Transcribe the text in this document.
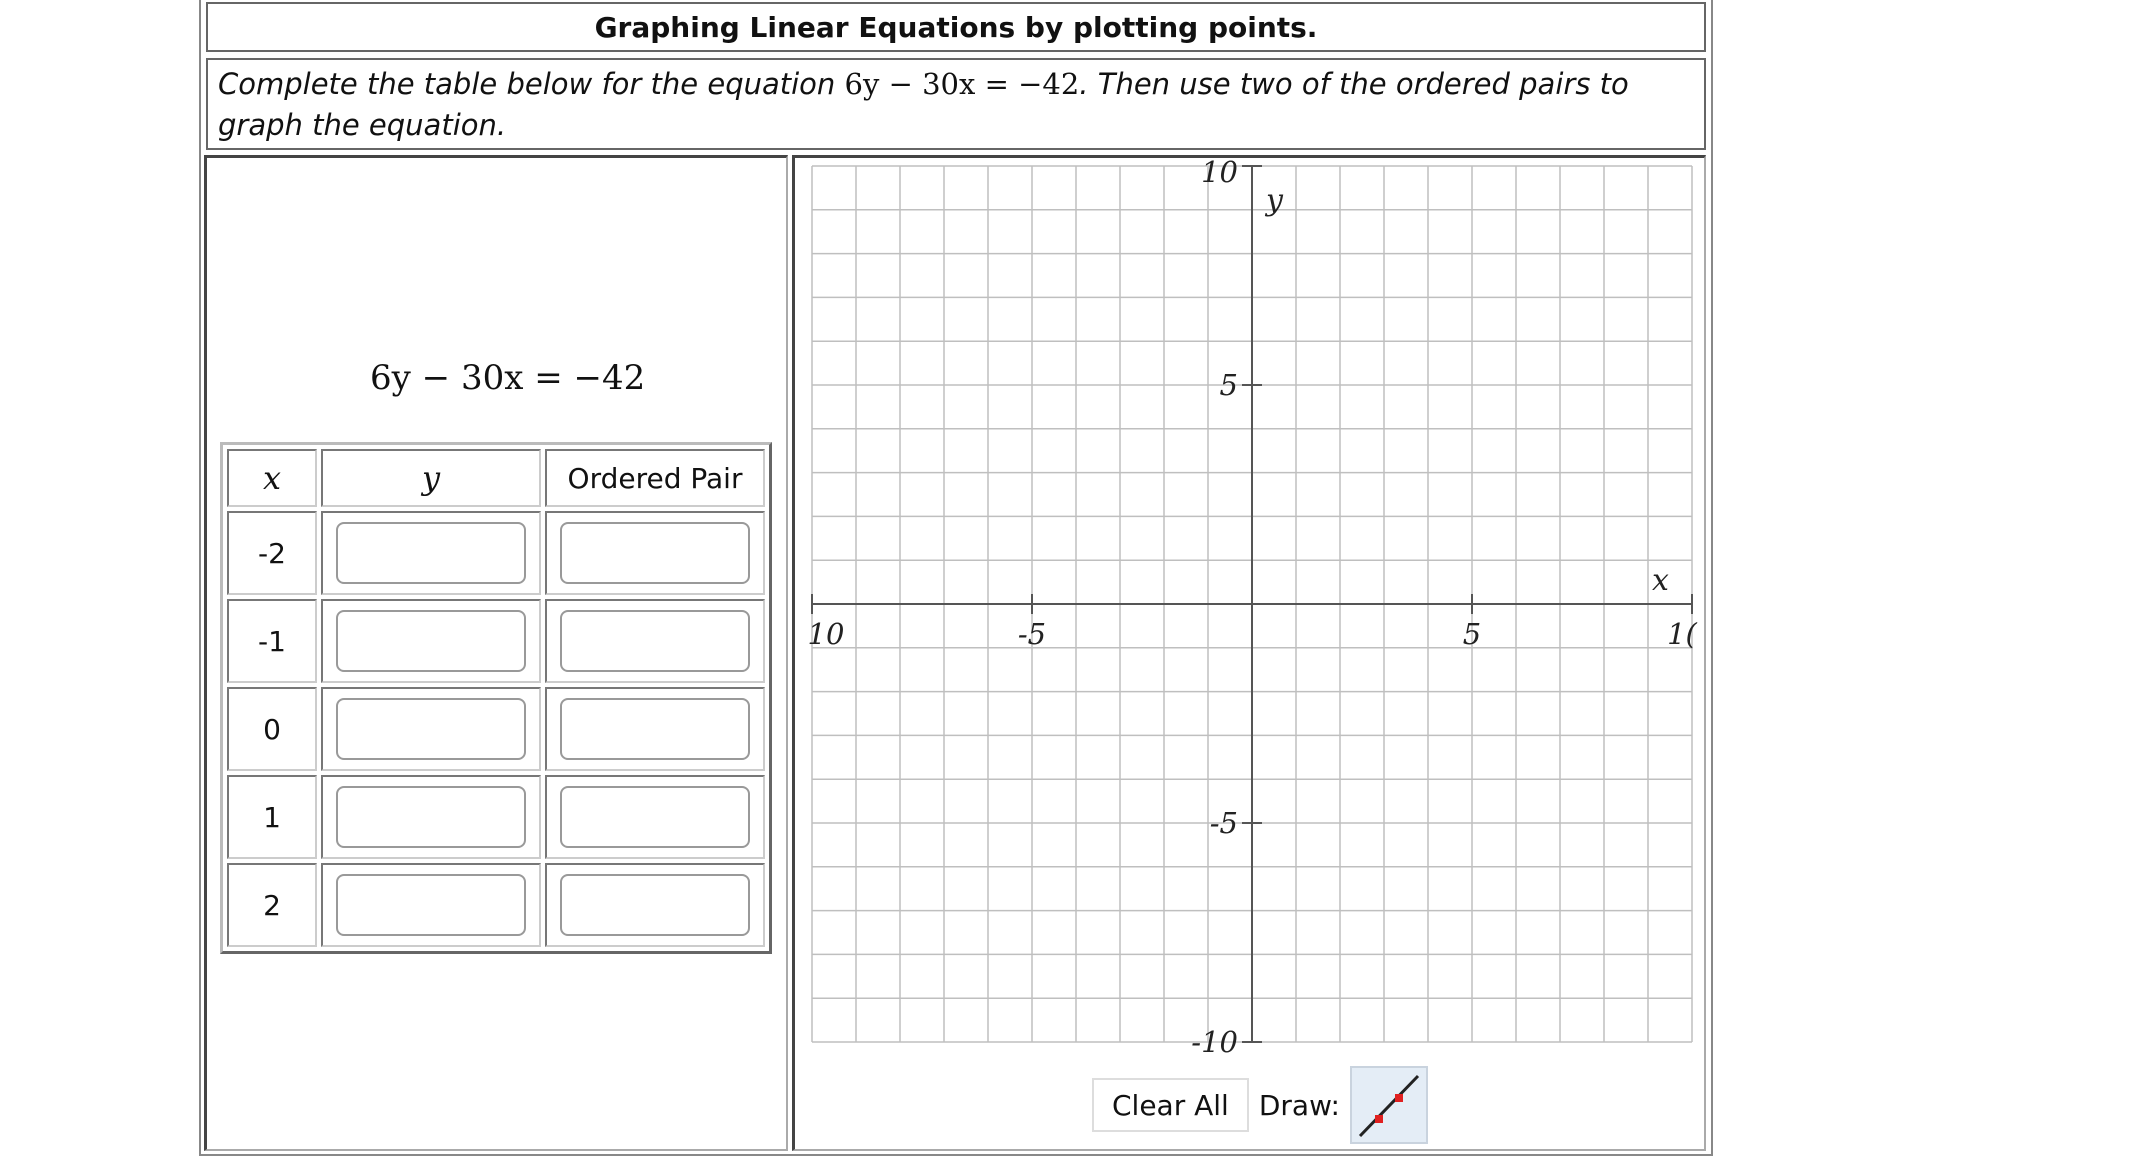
Graphing Linear Equations by plotting points.
Complete the table below for the equation 6y − 30x = −42. Then use two of the ordered pairs to graph the equation.
6y − 30x = −42
x	y	Ordered Pair
-2		
-1		
0		
1		
2		
10	-5	5	1(
10
5
-5
-10
x
y
Clear All	Draw:
